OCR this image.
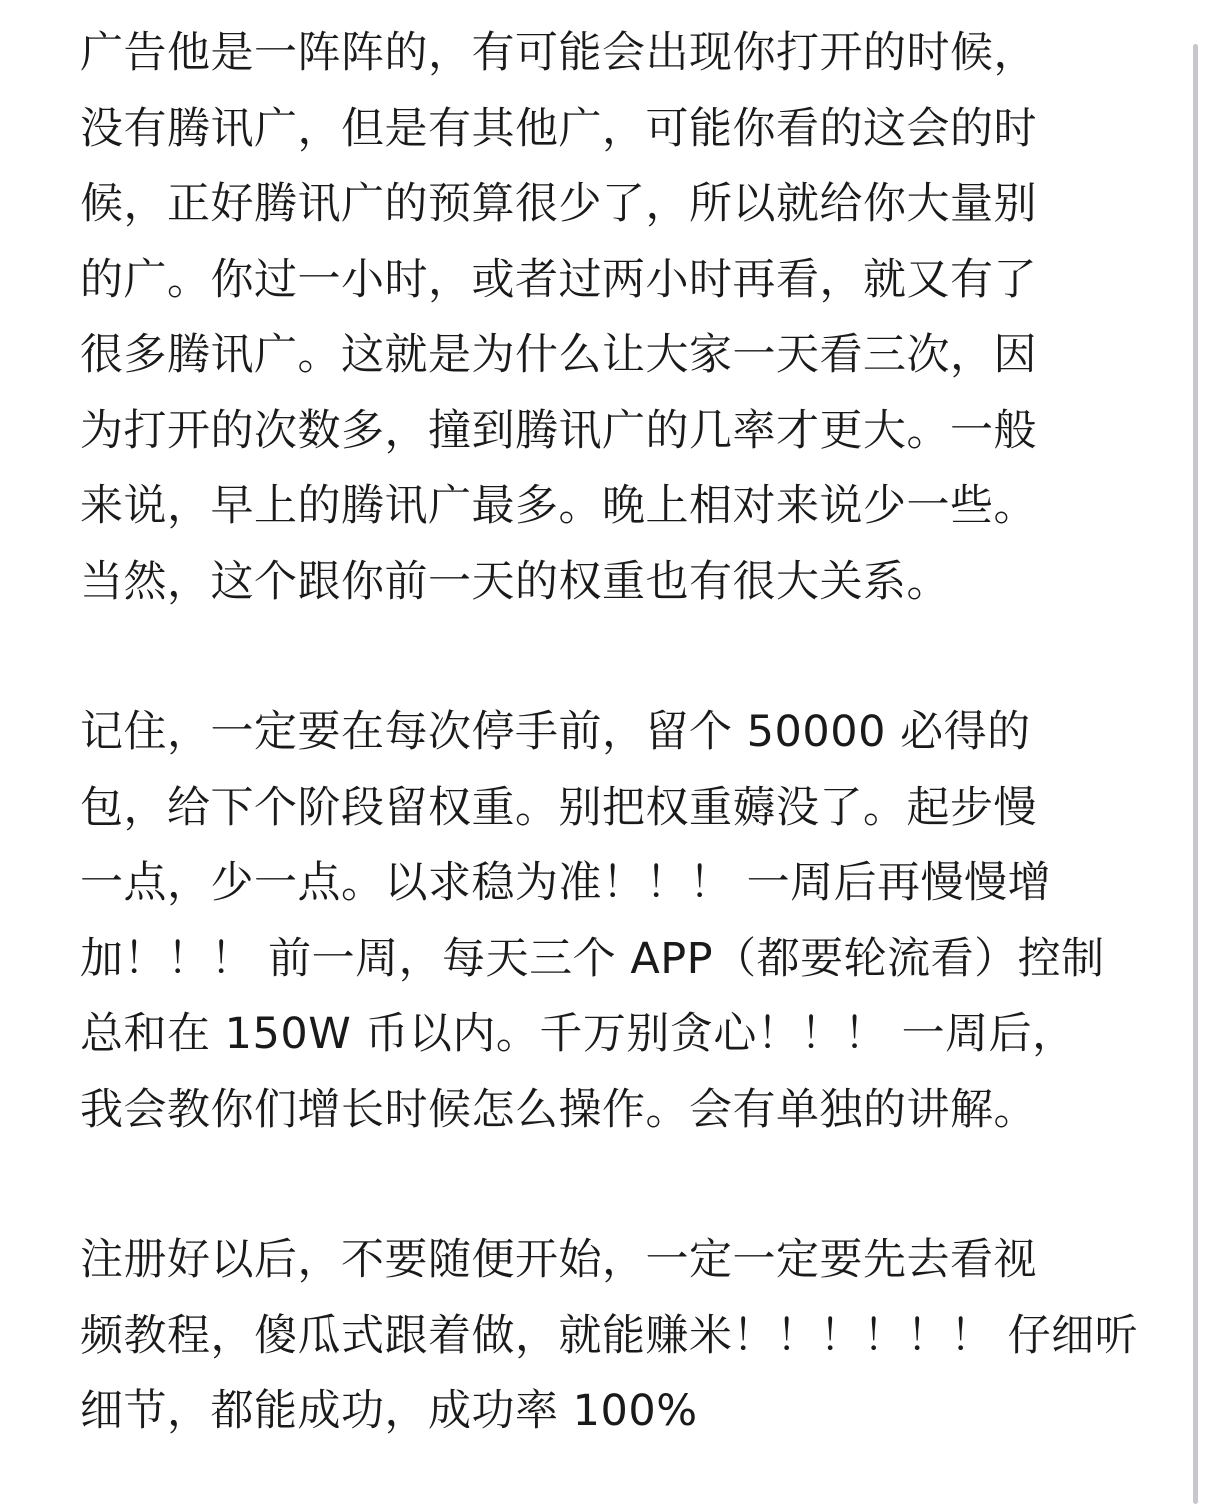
广告他是一阵阵的，有可能会出现你打开的时候，
没有腾讯广，但是有其他广，可能你看的这会的时
候，正好腾讯广的预算很少了，所以就给你大量别
的广。你过一小时，或者过两小时再看，就又有了
很多腾讯广。这就是为什么让大家一天看三次，因
为打开的次数多，撞到腾讯广的几率才更大。一般
来说，早上的腾讯广最多。晚上相对来说少一些。
当然，这个跟你前一天的权重也有很大关系。
记住，一定要在每次停手前，留个 50000 必得的
包，给下个阶段留权重。别把权重薅没了。起步慢
一点，少一点。以求稳为准！！！ 一周后再慢慢增
加！！！ 前一周，每天三个 APP（都要轮流看）控制
总和在 150W 币以内。千万别贪心！！！ 一周后，
我会教你们增长时候怎么操作。会有单独的讲解。
注册好以后，不要随便开始，一定一定要先去看视
频教程，傻瓜式跟着做，就能赚米！！！！！！ 仔细听
细节，都能成功，成功率 100%
